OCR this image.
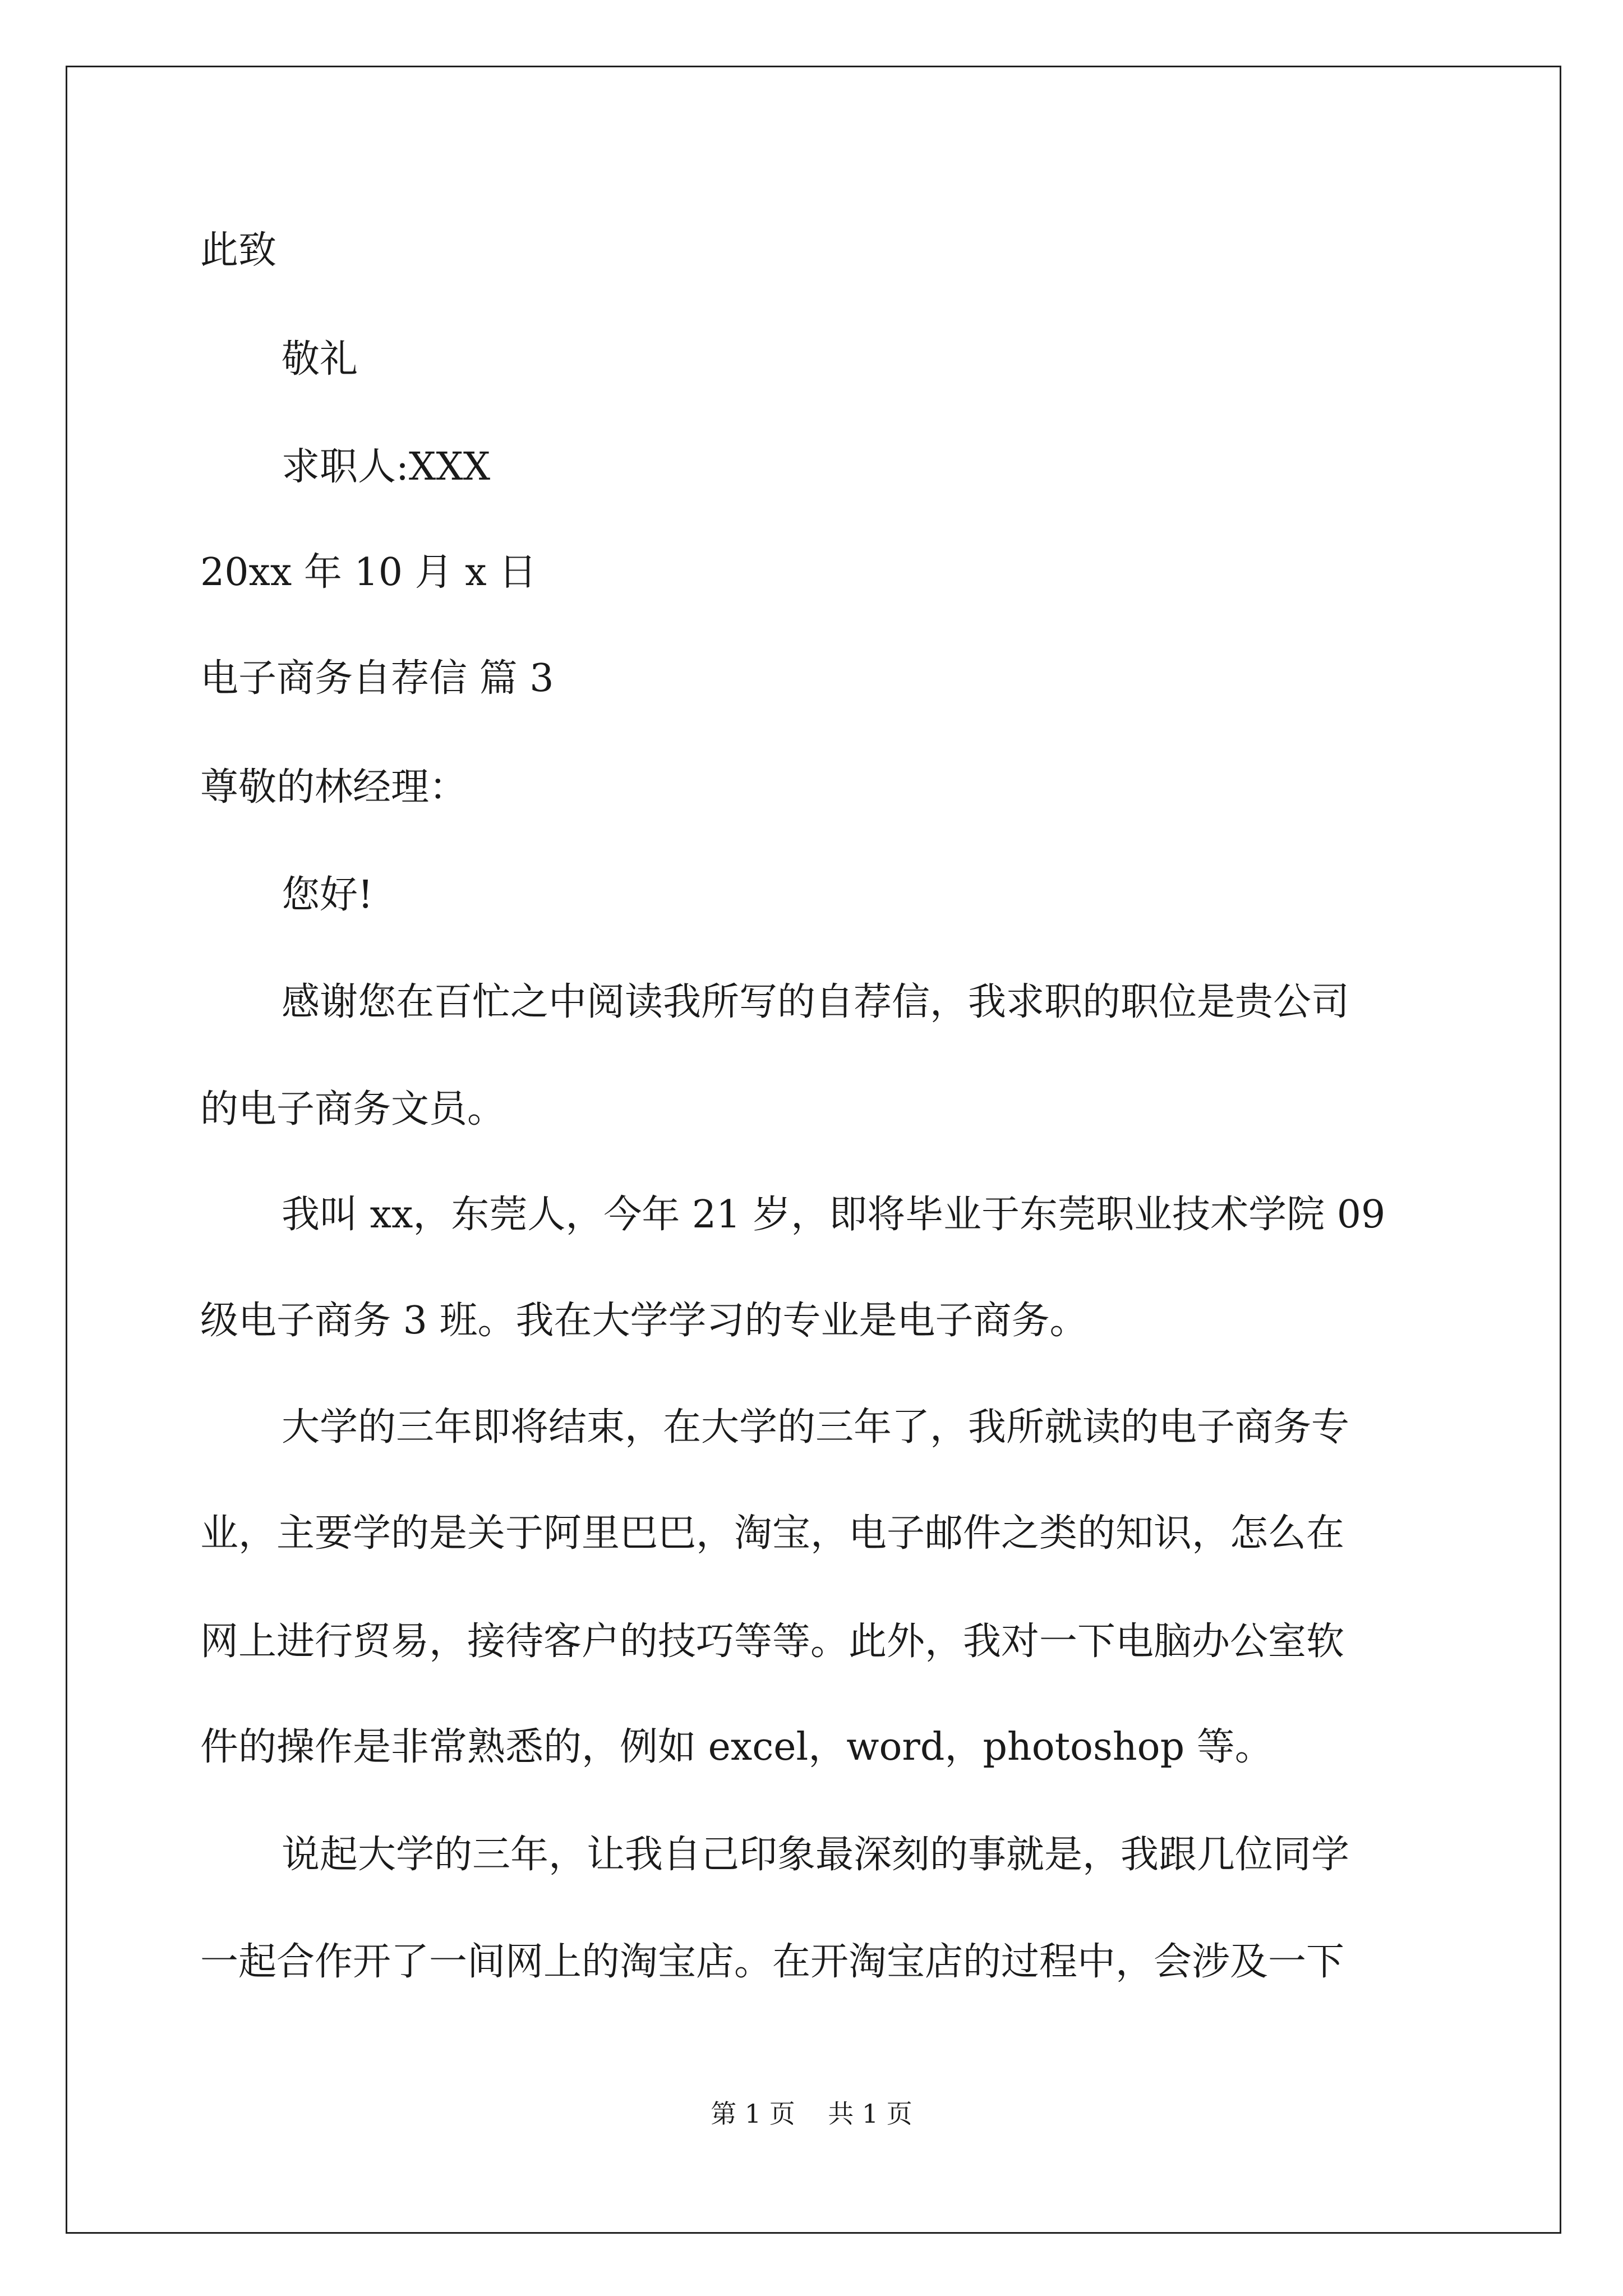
此致
敬礼
求职人:XXX
20xx 年 10 月 x 日
电子商务自荐信 篇 3
尊敬的林经理：
您好!
感谢您在百忙之中阅读我所写的自荐信，我求职的职位是贵公司
的电子商务文员。
我叫 xx，东莞人，今年 21 岁，即将毕业于东莞职业技术学院 09
级电子商务 3 班。我在大学学习的专业是电子商务。
大学的三年即将结束，在大学的三年了，我所就读的电子商务专
业，主要学的是关于阿里巴巴，淘宝，电子邮件之类的知识，怎么在
网上进行贸易，接待客户的技巧等等。此外，我对一下电脑办公室软
件的操作是非常熟悉的，例如 excel，word，photoshop 等。
说起大学的三年，让我自己印象最深刻的事就是，我跟几位同学
一起合作开了一间网上的淘宝店。在开淘宝店的过程中，会涉及一下
第 1 页    共 1 页
